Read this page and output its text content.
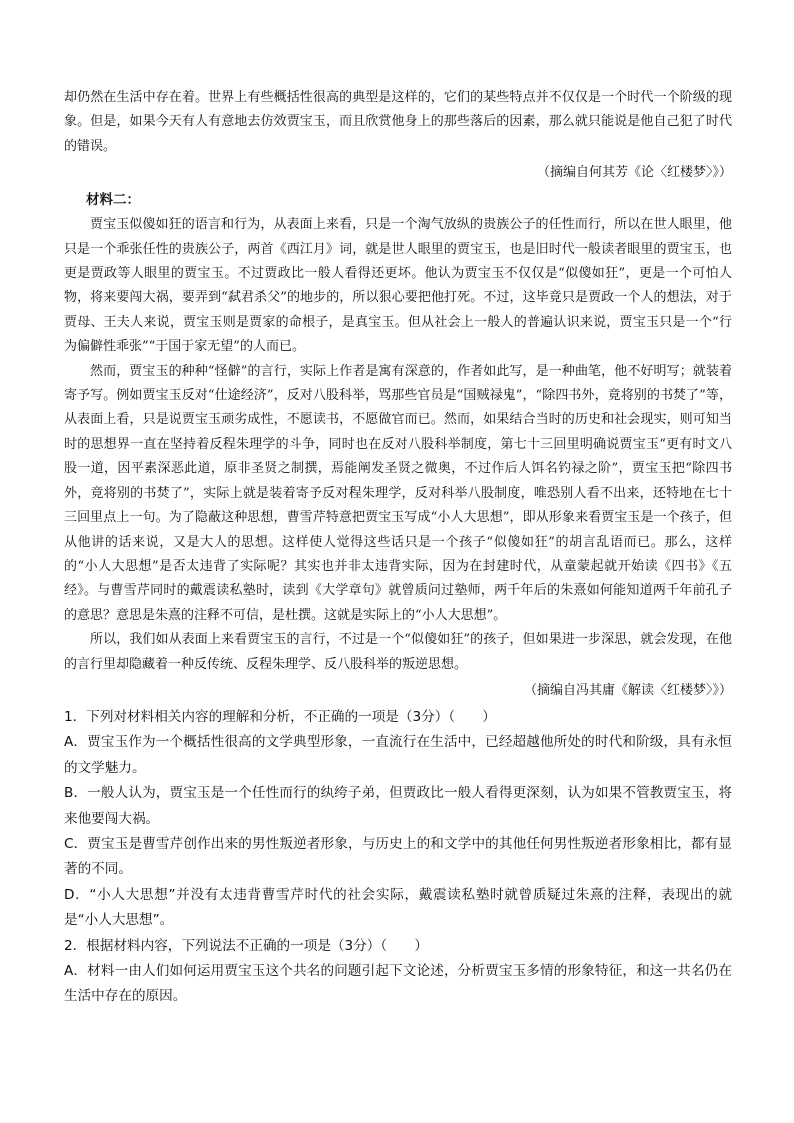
却仍然在生活中存在着。世界上有些概括性很高的典型是这样的，它们的某些特点并不仅仅是一个时代一个阶级的现象。但是，如果今天有人有意地去仿效贾宝玉，而且欣赏他身上的那些落后的因素，那么就只能说是他自己犯了时代的错误。

（摘编自何其芳《论〈红楼梦〉》）

材料二：

贾宝玉似傻如狂的语言和行为，从表面上来看，只是一个淘气放纵的贵族公子的任性而行，所以在世人眼里，他只是一个乖张任性的贵族公子，两首《西江月》词，就是世人眼里的贾宝玉，也是旧时代一般读者眼里的贾宝玉，也更是贾政等人眼里的贾宝玉。不过贾政比一般人看得还更坏。他认为贾宝玉不仅仅是“似傻如狂”，更是一个可怕人物，将来要闯大祸，要弄到“弑君杀父”的地步的，所以狠心要把他打死。不过，这毕竟只是贾政一个人的想法，对于贾母、王夫人来说，贾宝玉则是贾家的命根子，是真宝玉。但从社会上一般人的普遍认识来说，贾宝玉只是一个“行为偏僻性乖张”“于国于家无望”的人而已。

然而，贾宝玉的种种“怪僻”的言行，实际上作者是寓有深意的，作者如此写，是一种曲笔，他不好明写；就装着寄予写。例如贾宝玉反对“仕途经济”，反对八股科举，骂那些官员是“国贼禄鬼”，“除四书外，竟将别的书焚了”等，从表面上看，只是说贾宝玉顽劣成性，不愿读书，不愿做官而已。然而，如果结合当时的历史和社会现实，则可知当时的思想界一直在坚持着反程朱理学的斗争，同时也在反对八股科举制度，第七十三回里明确说贾宝玉“更有时文八股一道，因平素深恶此道，原非圣贤之制撰，焉能阐发圣贤之微奥，不过作后人饵名钓禄之阶”，贾宝玉把“除四书外，竟将别的书焚了”，实际上就是装着寄予反对程朱理学，反对科举八股制度，唯恐别人看不出来，还特地在七十三回里点上一句。为了隐蔽这种思想，曹雪芹特意把贾宝玉写成“小人大思想”，即从形象来看贾宝玉是一个孩子，但从他讲的话来说，又是大人的思想。这样使人觉得这些话只是一个孩子“似傻如狂”的胡言乱语而已。那么，这样的“小人大思想”是否太违背了实际呢？其实也并非太违背实际，因为在封建时代，从童蒙起就开始读《四书》《五经》。与曹雪芹同时的戴震读私塾时，读到《大学章句》就曾质问过塾师，两千年后的朱熹如何能知道两千年前孔子的意思？意思是朱熹的注释不可信，是杜撰。这就是实际上的“小人大思想”。

所以，我们如从表面上来看贾宝玉的言行，不过是一个“似傻如狂”的孩子，但如果进一步深思，就会发现，在他的言行里却隐藏着一种反传统、反程朱理学、反八股科举的叛逆思想。

（摘编自冯其庸《解读〈红楼梦〉》）

1．下列对材料相关内容的理解和分析，不正确的一项是（3分）（　　）

A．贾宝玉作为一个概括性很高的文学典型形象，一直流行在生活中，已经超越他所处的时代和阶级，具有永恒的文学魅力。

B．一般人认为，贾宝玉是一个任性而行的纨绔子弟，但贾政比一般人看得更深刻，认为如果不管教贾宝玉，将来他要闯大祸。

C．贾宝玉是曹雪芹创作出来的男性叛逆者形象，与历史上的和文学中的其他任何男性叛逆者形象相比，都有显著的不同。

D．“小人大思想”并没有太违背曹雪芹时代的社会实际，戴震读私塾时就曾质疑过朱熹的注释，表现出的就是“小人大思想”。

2．根据材料内容，下列说法不正确的一项是（3分）（　　）

A．材料一由人们如何运用贾宝玉这个共名的问题引起下文论述，分析贾宝玉多情的形象特征，和这一共名仍在生活中存在的原因。
